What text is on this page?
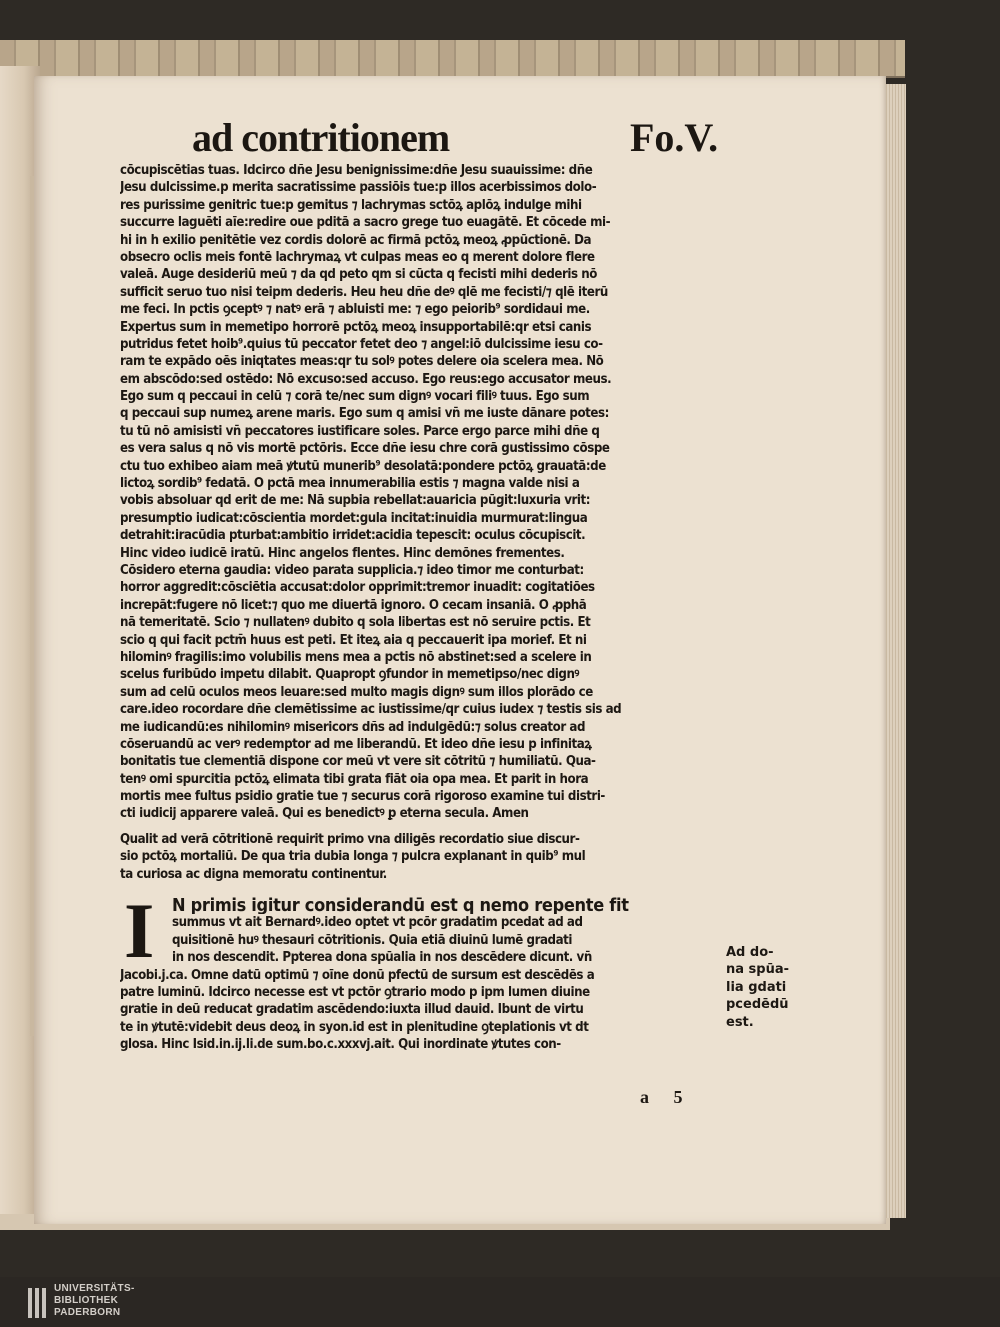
ad contritionem	Fo.V.
cōcupiscētias tuas. Idcirco dñe Jesu benignissime:dñe Jesu suauissime: dñe
Jesu dulcissime.p merita sacratissime passiōis tue:p illos acerbissimos dolo‑
res purissime genitric tue:p gemitus ⁊ lachrymas sctōꝝ aplōꝝ indulge mihi
succurre laguēti aīe:redire oue pditā a sacro grege tuo euagātē. Et cōcede mi‑
hi in h exilio penitētie vez cordis dolorē ac firmā pctōꝝ meoꝝ ꝓpūctionē. Da
obsecro oclis meis fontē lachrymaꝝ vt culpas meas eo q merent dolore flere
valeā. Auge desideriū meū ⁊ da qd peto qm si cūcta q fecisti mihi dederis nō
sufficit seruo tuo nisi teipm dederis. Heu heu dñe deꝰ qlē me fecisti/⁊ qlē iterū
me feci. In pctis ꝯceptꝰ ⁊ natꝰ erā ⁊ abluisti me: ⁊ ego peiorib⁹ sordidaui me.
Expertus sum in memetipo horrorē pctōꝝ meoꝝ insupportabilē:qr etsi canis
putridus fetet hoib⁹.quius tū peccator fetet deo ⁊ angel:iō dulcissime iesu co‑
ram te expādo oēs iniqtates meas:qr tu solꝰ potes delere oia scelera mea. Nō
em abscōdo:sed ostēdo: Nō excuso:sed accuso. Ego reus:ego accusator meus.
Ego sum q peccaui in celū ⁊ corā te/nec sum dignꝰ vocari filiꝰ tuus. Ego sum
q peccaui sup numeꝝ arene maris. Ego sum q amisi vn̄ me iuste dānare potes:
tu tū nō amisisti vn̄ peccatores iustificare soles. Parce ergo parce mihi dñe q
es vera salus q nō vis mortē pctōris. Ecce dñe iesu chre corā gustissimo cōspe
ctu tuo exhibeo aiam meā ꝟtutū munerib⁹ desolatā:pondere pctōꝝ grauatā:de
lictoꝝ sordib⁹ fedatā. O pctā mea innumerabilia estis ⁊ magna valde nisi a
vobis absoluar qd erit de me: Nā supbia rebellat:auaricia pūgit:luxuria vrit:
presumptio iudicat:cōscientia mordet:gula incitat:inuidia murmurat:lingua
detrahit:iracūdia pturbat:ambitio irridet:acidia tepescit: oculus cōcupiscit.
Hinc video iudicē iratū. Hinc angelos flentes. Hinc demōnes frementes.
Cōsidero eterna gaudia: video parata supplicia.⁊ ideo timor me conturbat:
horror aggredit:cōsciētia accusat:dolor opprimit:tremor inuadit: cogitatiōes
increpāt:fugere nō licet:⁊ quo me diuertā ignoro. O cecam insaniā. O ꝓphā
nā temeritatē. Scio ⁊ nullatenꝰ dubito q sola libertas est nō seruire pctis. Et
scio q qui facit pctm̄ huus est peti. Et iteꝝ aia q peccauerit ipa morief. Et ni
hilominꝰ fragilis:imo volubilis mens mea a pctis nō abstinet:sed a scelere in
scelus furibūdo impetu dilabit. Quapropt ꝯfundor in memetipso/nec dignꝰ
sum ad celū oculos meos leuare:sed multo magis dignꝰ sum illos plorādo ce
care.ideo rocordare dñe clemētissime ac iustissime/qr cuius iudex ⁊ testis sis ad
me iudicandū:es nihilominꝰ misericors dñs ad indulgēdū:⁊ solus creator ad
cōseruandū ac verꝰ redemptor ad me liberandū. Et ideo dñe iesu p infinitaꝝ
bonitatis tue clementiā dispone cor meū vt vere sit cōtritū ⁊ humiliatū. Qua‑
tenꝰ omi spurcitia pctōꝝ elimata tibi grata fiāt oia opa mea. Et parit in hora
mortis mee fultus psidio gratie tue ⁊ securus corā rigoroso examine tui distri‑
cti iudicij apparere valeā. Qui es benedictꝰ ꝑ eterna secula. Amen
Qualit ad verā cōtritionē requirit primo vna diligēs recordatio siue discur‑
sio pctōꝝ mortaliū. De qua tria dubia longa ⁊ pulcra explanant in quib⁹ mul
ta curiosa ac digna memoratu continentur.
I N primis igitur considerandū est q nemo repente fit
summus vt ait Bernardꝰ.ideo optet vt pcōr gradatim pcedat ad ad
quisitionē huꝰ thesauri cōtritionis. Quia etiā diuinū lumē gradati
in nos descendit. Ppterea dona spūalia in nos descēdere dicunt. vn̄
Jacobi.j.ca. Omne datū optimū ⁊ oīne donū pfectū de sursum est descēdēs a
patre luminū. Idcirco necesse est vt pctōr ꝯtrario modo p ipm lumen diuine
gratie in deū reducat gradatim ascēdendo:iuxta illud dauid. Ibunt de virtu
te in ꝟtutē:videbit deus deoꝝ in syon.id est in plenitudine ꝯteplationis vt dt
glosa. Hinc Isid.in.ij.li.de sum.bo.c.xxxvj.ait. Qui inordinate ꝟtutes con‑
Ad do‑
na spūa‑
lia gdati
pcedēdū
est.
a 5
UNIVERSITÄTS-
BIBLIOTHEK
PADERBORN
